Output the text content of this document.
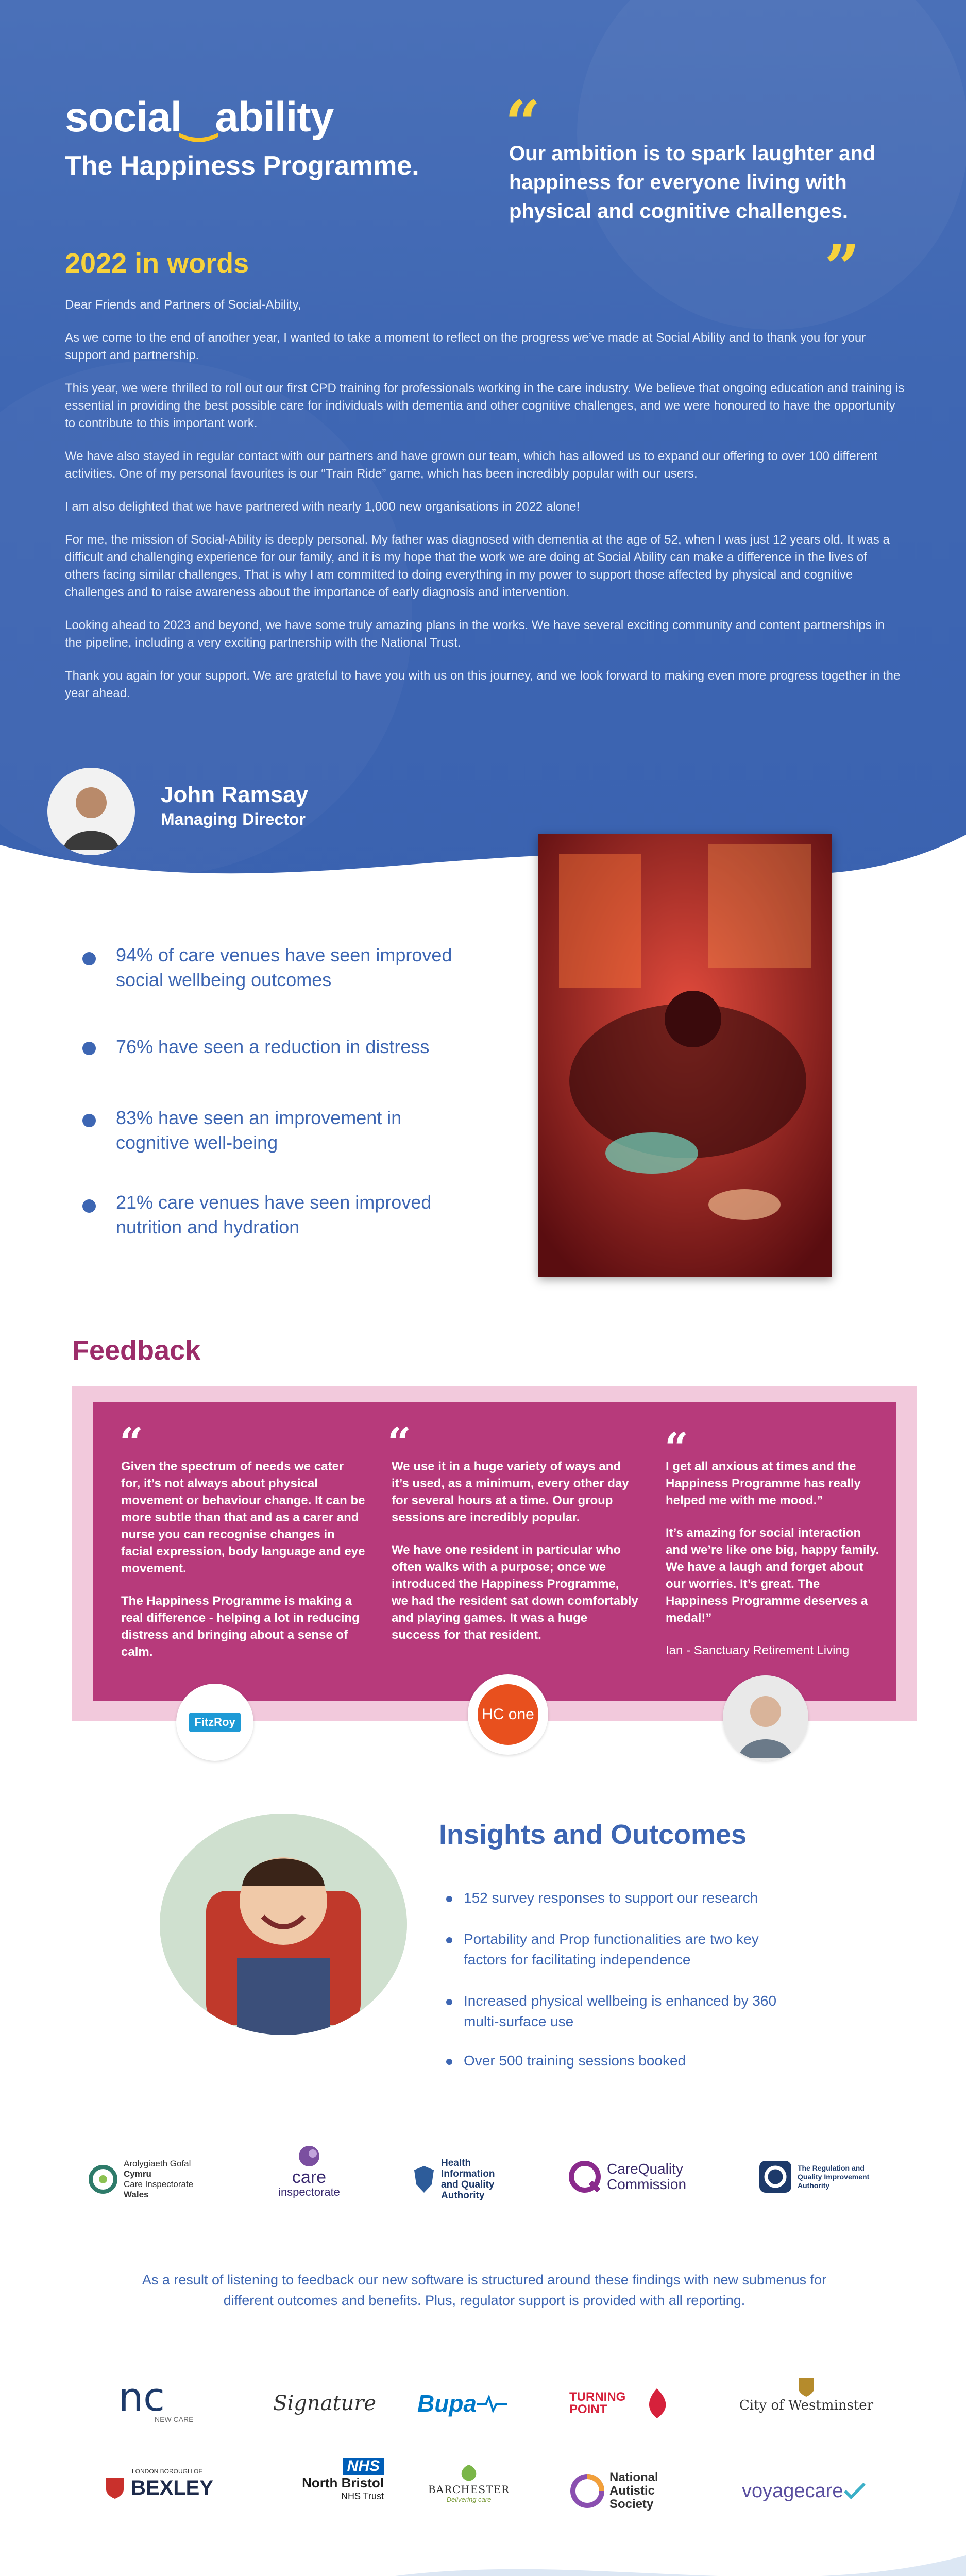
social‿ability
The Happiness Programme.
“
Our ambition is to spark laughter and happiness for everyone living with physical and cognitive challenges.
”
2022 in words

Dear Friends and Partners of Social-Ability,

As we come to the end of another year, I wanted to take a moment to reflect on the progress we’ve made at Social Ability and to thank you for your support and partnership.

This year, we were thrilled to roll out our first CPD training for professionals working in the care industry. We believe that ongoing education and training is essential in providing the best possible care for individuals with dementia and other cognitive challenges, and we were honoured to have the opportunity to contribute to this important work.

We have also stayed in regular contact with our partners and have grown our team, which has allowed us to expand our offering to over 100 different activities. One of my personal favourites is our “Train Ride” game, which has been incredibly popular with our users.

I am also delighted that we have partnered with nearly 1,000 new organisations in 2022 alone!

For me, the mission of Social-Ability is deeply personal. My father was diagnosed with dementia at the age of 52, when I was just 12 years old. It was a difficult and challenging experience for our family, and it is my hope that the work we are doing at Social Ability can make a difference in the lives of others facing similar challenges. That is why I am committed to doing everything in my power to support those affected by physical and cognitive challenges and to raise awareness about the importance of early diagnosis and intervention.

Looking ahead to 2023 and beyond, we have some truly amazing plans in the works. We have several exciting community and content partnerships in the pipeline, including a very exciting partnership with the National Trust.

Thank you again for your support. We are grateful to have you with us on this journey, and we look forward to making even more progress together in the year ahead.

John Ramsay
Managing Director
94% of care venues have seen improved social wellbeing outcomes
76% have seen a reduction in distress
83% have seen an improvement in cognitive well-being
21% care venues have seen improved nutrition and hydration
Feedback
“

Given the spectrum of needs we cater for, it’s not always about physical movement or behaviour change. It can be more subtle than that and as a carer and nurse you can recognise changes in facial expression, body language and eye movement.

The Happiness Programme is making a real difference - helping a lot in reducing distress and bringing about a sense of calm.

“

We use it in a huge variety of ways and it’s used, as a minimum, every other day for several hours at a time. Our group sessions are incredibly popular.

We have one resident in particular who often walks with a purpose; once we introduced the Happiness Programme, we had the resident sat down comfortably and playing games. It was a huge success for that resident.

“

I get all anxious at times and the Happiness Programme has really helped me with me mood.”

It’s amazing for social interaction and we’re like one big, happy family. We have a laugh and forget about our worries. It’s great. The Happiness Programme deserves a medal!”

Ian - Sanctuary Retirement Living

FitzRoy	HC one
Insights and Outcomes
152 survey responses to support our research
Portability and Prop functionalities are two key factors for facilitating independence
Increased physical wellbeing is enhanced by 360 multi-surface use
Over 500 training sessions booked
Arolygiaeth Gofal
Cymru
Care Inspectorate
Wales
care
inspectorate
Health
Information
and Quality
Authority
CareQuality
Commission
The Regulation and
Quality Improvement
Authority
As a result of listening to feedback our new software is structured around these findings with new submenus for different outcomes and benefits. Plus, regulator support is provided with all reporting.
nc
NEW CARE
Signature Bupa	TURNING POINT	City of Westminster
LONDON BOROUGH OF
BEXLEY
NHS
North Bristol
NHS Trust
BARCHESTER
Delivering care
National Autistic Society
voyagecare
